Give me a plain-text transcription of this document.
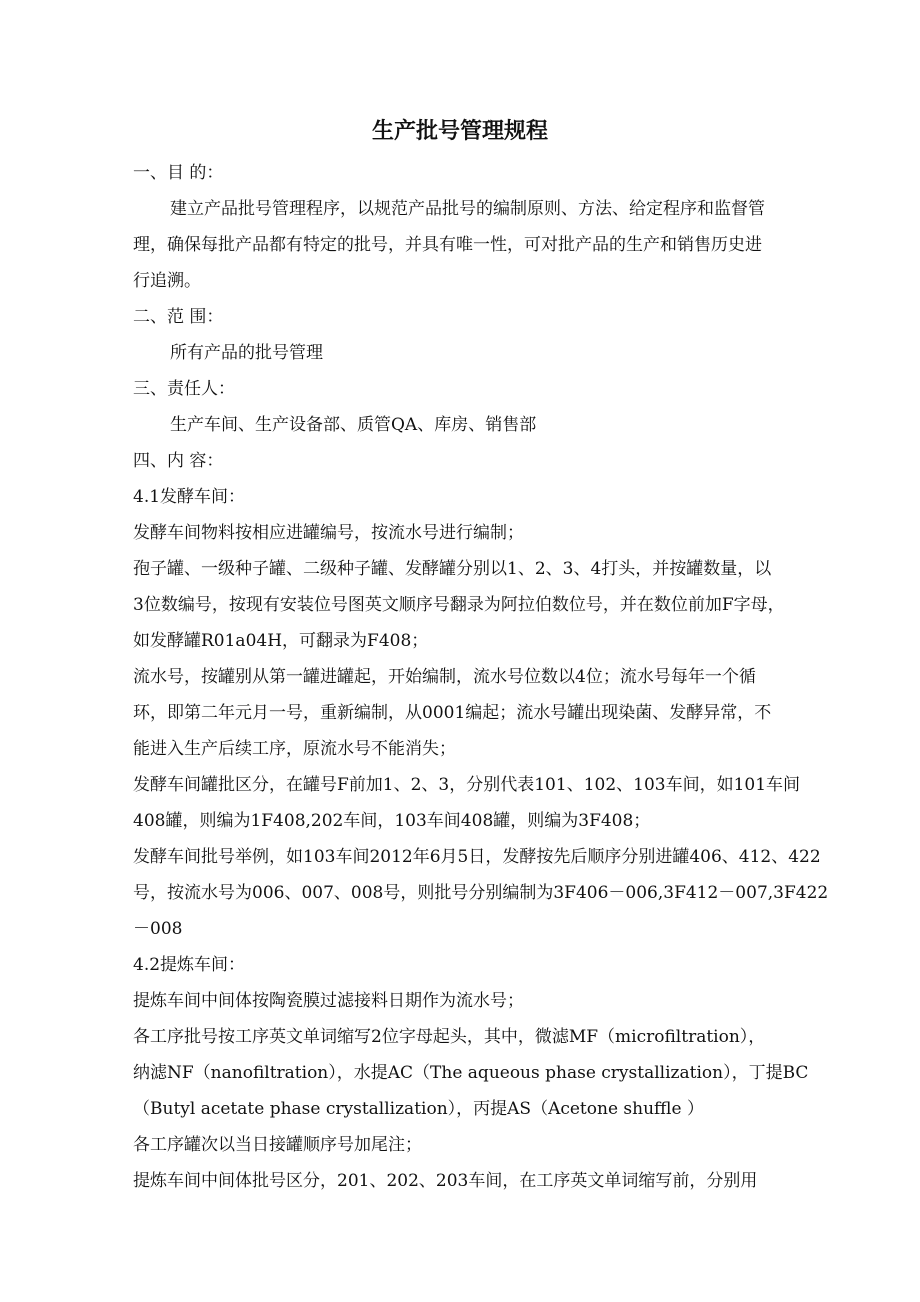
生产批号管理规程
一、目 的：
建立产品批号管理程序，以规范产品批号的编制原则、方法、给定程序和监督管
理，确保每批产品都有特定的批号，并具有唯一性，可对批产品的生产和销售历史进
行追溯。
二、范 围：
所有产品的批号管理
三、责任人：
生产车间、生产设备部、质管QA、库房、销售部
四、内 容：
4.1发酵车间：
发酵车间物料按相应进罐编号，按流水号进行编制；
孢子罐、一级种子罐、二级种子罐、发酵罐分别以1、2、3、4打头，并按罐数量，以
3位数编号，按现有安装位号图英文顺序号翻录为阿拉伯数位号，并在数位前加F字母，
如发酵罐R01a04H，可翻录为F408；
流水号，按罐别从第一罐进罐起，开始编制，流水号位数以4位；流水号每年一个循
环，即第二年元月一号，重新编制，从0001编起；流水号罐出现染菌、发酵异常，不
能进入生产后续工序，原流水号不能消失；
发酵车间罐批区分，在罐号F前加1、2、3，分别代表101、102、103车间，如101车间
408罐，则编为1F408,202车间，103车间408罐，则编为3F408；
发酵车间批号举例，如103车间2012年6月5日，发酵按先后顺序分别进罐406、412、422
号，按流水号为006、007、008号，则批号分别编制为3F406－006,3F412－007,3F422
－008
4.2提炼车间：
提炼车间中间体按陶瓷膜过滤接料日期作为流水号；
各工序批号按工序英文单词缩写2位字母起头，其中，微滤MF（microfiltration），
纳滤NF（nanofiltration），水提AC（The aqueous phase crystallization），丁提BC
（Butyl acetate phase crystallization），丙提AS（Acetone shuffle ）
各工序罐次以当日接罐顺序号加尾注；
提炼车间中间体批号区分，201、202、203车间，在工序英文单词缩写前，分别用
